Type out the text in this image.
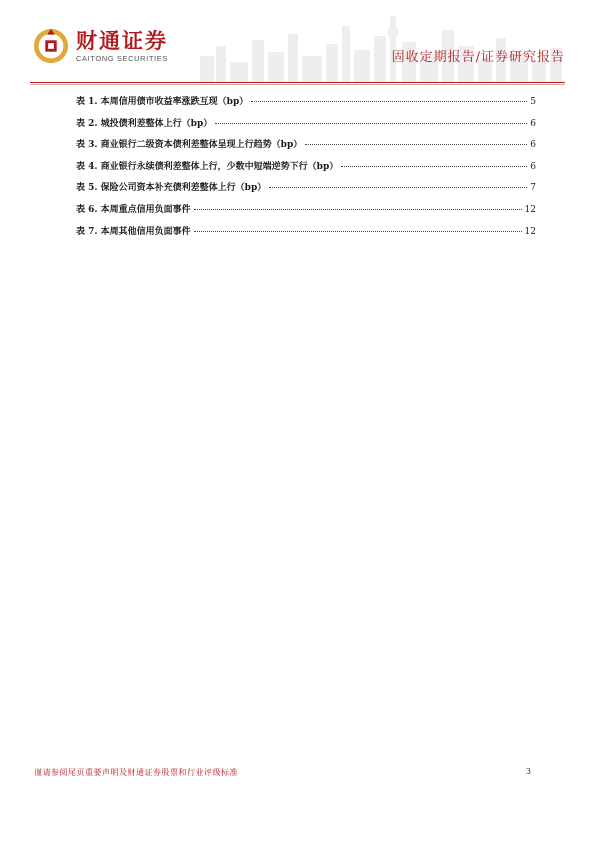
财通证券
CAITONG SECURITIES	固收定期报告/证券研究报告
表 1. 本周信用债市收益率涨跌互现（bp）	5
表 2. 城投债利差整体上行（bp）	6
表 3. 商业银行二级资本债利差整体呈现上行趋势（bp）	6
表 4. 商业银行永续债利差整体上行，少数中短端逆势下行（bp）	6
表 5. 保险公司资本补充债利差整体上行（bp）	7
表 6. 本周重点信用负面事件	12
表 7. 本周其他信用负面事件	12
谨请参阅尾页重要声明及财通证券股票和行业评级标准	3
